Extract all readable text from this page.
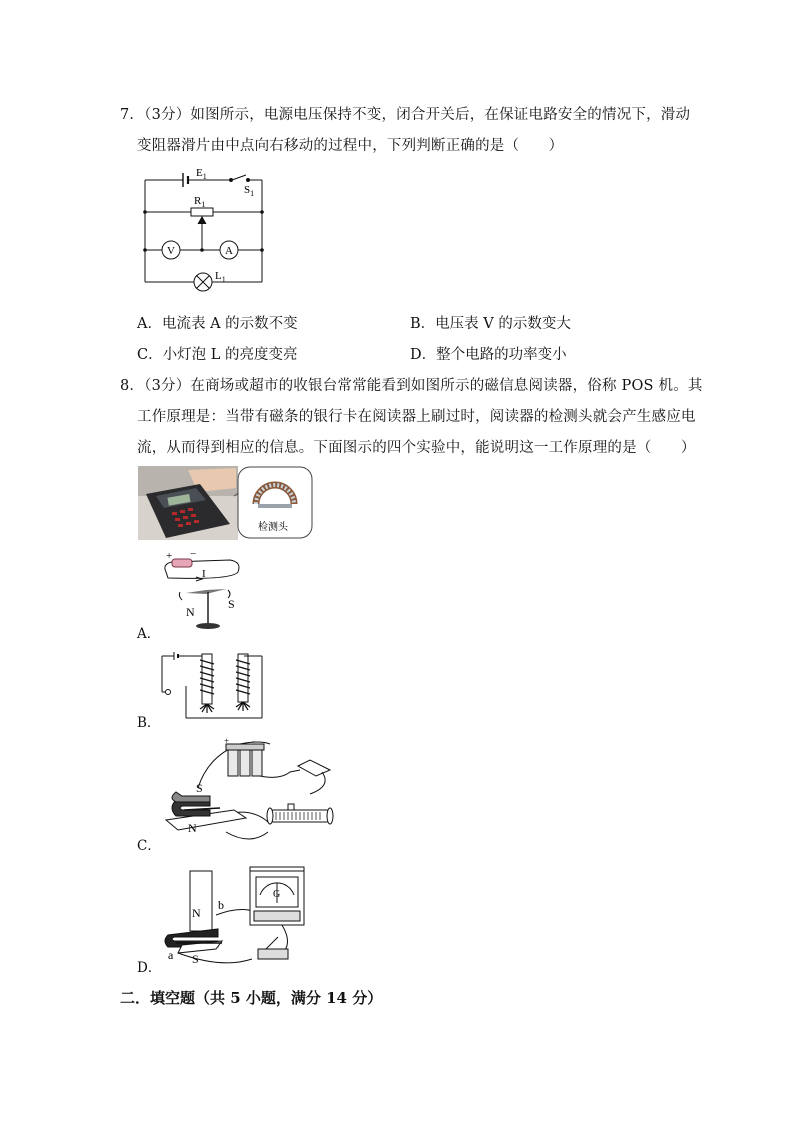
7．（3分）如图所示，电源电压保持不变，闭合开关后，在保证电路安全的情况下，滑动
变阻器滑片由中点向右移动的过程中，下列判断正确的是（　　）
$E_1$
$S_1$
$R_1$
V	A
$L_1$
A．电流表 A 的示数不变	B．电压表 V 的示数变大
C．小灯泡 L 的亮度变亮	D．整个电路的功率变小
8．（3分）在商场或超市的收银台常常能看到如图所示的磁信息阅读器，俗称 POS 机。其
工作原理是：当带有磁条的银行卡在阅读器上刷过时，阅读器的检测头就会产生感应电
流，从而得到相应的信息。下面图示的四个实验中，能说明这一工作原理的是（　　）
检测头
+ −
I
N
S
A．
B．
+	-
S
N
C．
N
b
a S
G
D．
二．填空题（共 5 小题，满分 14 分）
